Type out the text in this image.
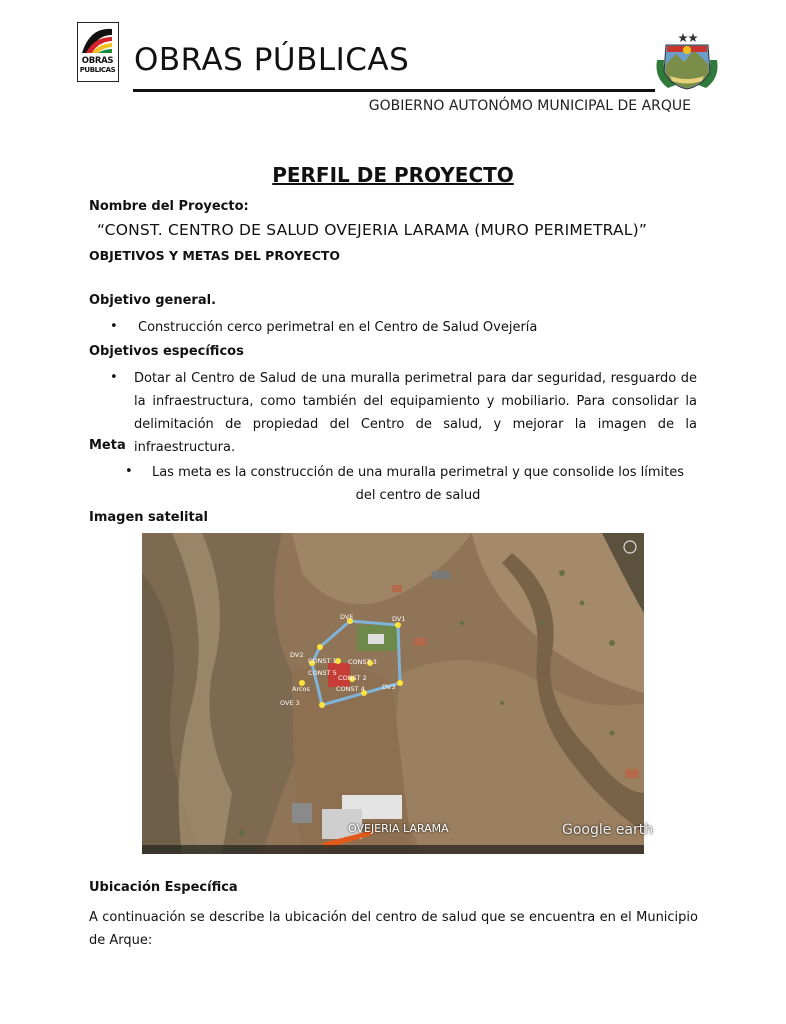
OBRAS
PUBLICAS OBRAS PÚBLICAS
GOBIERNO AUTONÓMO MUNICIPAL DE ARQUE
PERFIL DE PROYECTO
Nombre del Proyecto:
“CONST. CENTRO DE SALUD OVEJERIA LARAMA (MURO PERIMETRAL)”
OBJETIVOS Y METAS DEL PROYECTO
Objetivo general.
• Construcción cerco perimetral en el Centro de Salud Ovejería
Objetivos específicos
• Dotar al Centro de Salud de una muralla perimetral para dar seguridad, resguardo de la infraestructura, como también del equipamiento y mobiliario. Para consolidar la delimitación de propiedad del Centro de salud, y mejorar la imagen de la infraestructura.
Meta
•	Las meta es la construcción de una muralla perimetral y que consolide los límites del centro de salud
Imagen satelital
OVEJERIA LARAMA	Google earth
DVE	DV1
DV2
CONST 1 CONST 3
CONST 2
CONST 4
OVE 3
Arcos	DV3
CONST 5
Ubicación Específica
A continuación se describe la ubicación del centro de salud que se encuentra en el Municipio de Arque:
